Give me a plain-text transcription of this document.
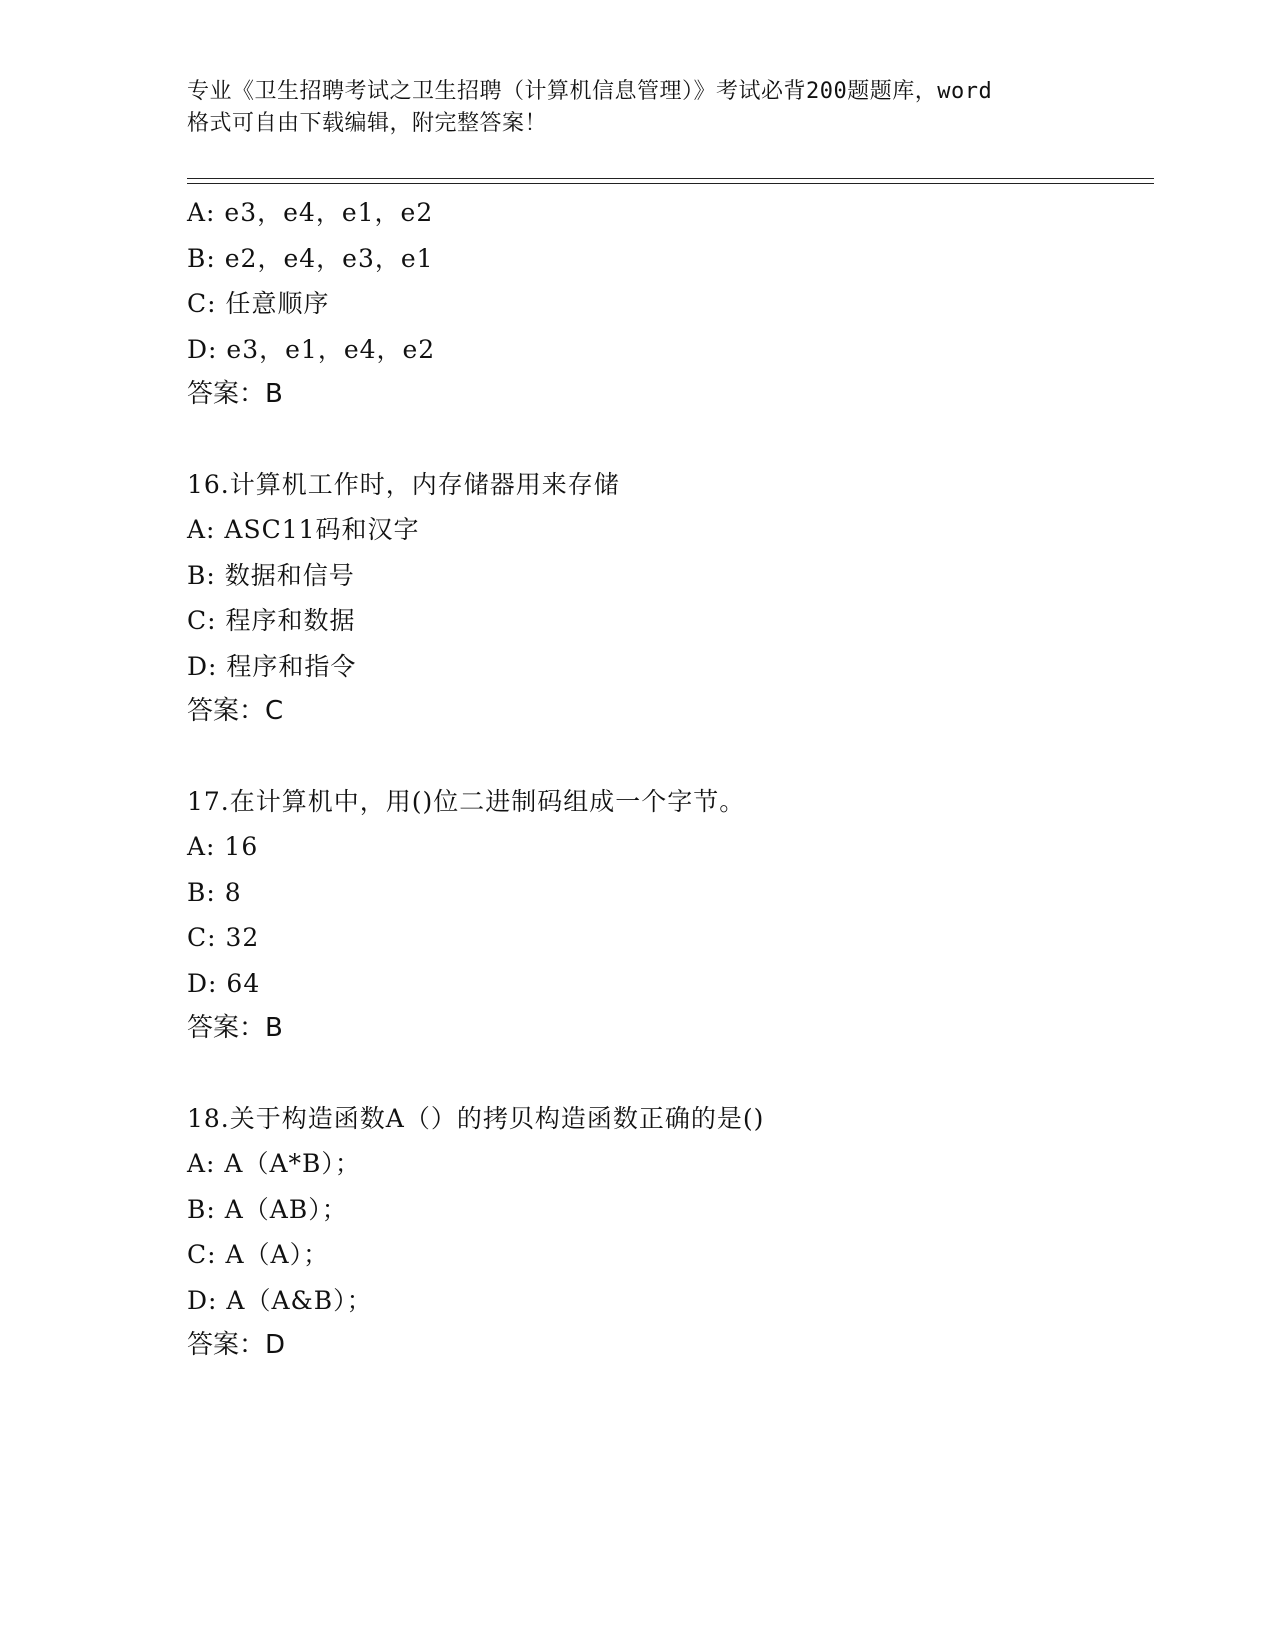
专业《卫生招聘考试之卫生招聘（计算机信息管理）》考试必背200题题库，word
格式可自由下载编辑，附完整答案！
A: e3，e4，e1，e2
B: e2，e4，e3，e1
C: 任意顺序
D: e3，e1，e4，e2
答案：B
16.计算机工作时，内存储器用来存储
A: ASC11码和汉字
B: 数据和信号
C: 程序和数据
D: 程序和指令
答案：C
17.在计算机中，用()位二进制码组成一个字节。
A: 16
B: 8
C: 32
D: 64
答案：B
18.关于构造函数A（）的拷贝构造函数正确的是()
A: A（A*B）；
B: A（AB）；
C: A（A）；
D: A（A&B）；
答案：D
